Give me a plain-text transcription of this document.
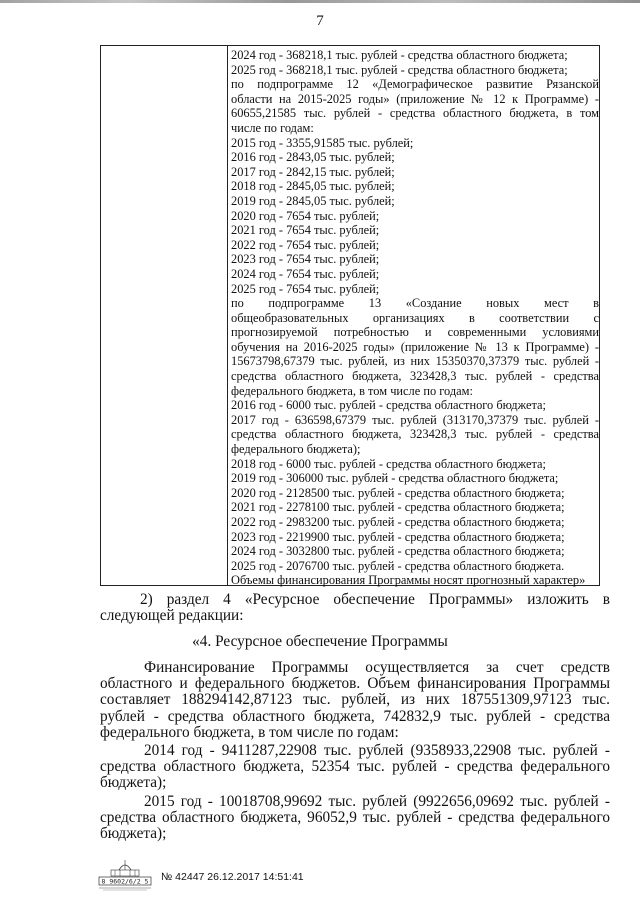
7
2024 год - 368218,1 тыс. рублей - средства областного бюджета;
2025 год - 368218,1 тыс. рублей - средства областного бюджета;
по подпрограмме 12 «Демографическое развитие Рязанской
области на 2015-2025 годы» (приложение № 12 к Программе) -
60655,21585 тыс. рублей - средства областного бюджета, в том
числе по годам:
2015 год - 3355,91585 тыс. рублей;
2016 год - 2843,05 тыс. рублей;
2017 год - 2842,15 тыс. рублей;
2018 год - 2845,05 тыс. рублей;
2019 год - 2845,05 тыс. рублей;
2020 год - 7654 тыс. рублей;
2021 год - 7654 тыс. рублей;
2022 год - 7654 тыс. рублей;
2023 год - 7654 тыс. рублей;
2024 год - 7654 тыс. рублей;
2025 год - 7654 тыс. рублей;
по подпрограмме 13 «Создание новых мест в
общеобразовательных организациях в соответствии с
прогнозируемой потребностью и современными условиями
обучения на 2016-2025 годы» (приложение № 13 к Программе) -
15673798,67379 тыс. рублей, из них 15350370,37379 тыс. рублей -
средства областного бюджета, 323428,3 тыс. рублей - средства
федерального бюджета, в том числе по годам:
2016 год - 6000 тыс. рублей - средства областного бюджета;
2017 год - 636598,67379 тыс. рублей (313170,37379 тыс. рублей -
средства областного бюджета, 323428,3 тыс. рублей - средства
федерального бюджета);
2018 год - 6000 тыс. рублей - средства областного бюджета;
2019 год - 306000 тыс. рублей - средства областного бюджета;
2020 год - 2128500 тыс. рублей - средства областного бюджета;
2021 год - 2278100 тыс. рублей - средства областного бюджета;
2022 год - 2983200 тыс. рублей - средства областного бюджета;
2023 год - 2219900 тыс. рублей - средства областного бюджета;
2024 год - 3032800 тыс. рублей - средства областного бюджета;
2025 год - 2076700 тыс. рублей - средства областного бюджета.
Объемы финансирования Программы носят прогнозный характер»
2) раздел 4 «Ресурсное обеспечение Программы» изложить в
следующей редакции:
«4. Ресурсное обеспечение Программы
Финансирование Программы осуществляется за счет средств
областного и федерального бюджетов. Объем финансирования Программы
составляет 188294142,87123 тыс. рублей, из них 187551309,97123 тыс.
рублей - средства областного бюджета, 742832,9 тыс. рублей - средства
федерального бюджета, в том числе по годам:
2014 год - 9411287,22908 тыс. рублей (9358933,22908 тыс. рублей -
средства областного бюджета, 52354 тыс. рублей - средства федерального
бюджета);
2015 год - 10018708,99692 тыс. рублей (9922656,09692 тыс. рублей -
средства областного бюджета, 96052,9 тыс. рублей - средства федерального
бюджета);
8 9602/6/2 5 № 42447 26.12.2017 14:51:41
